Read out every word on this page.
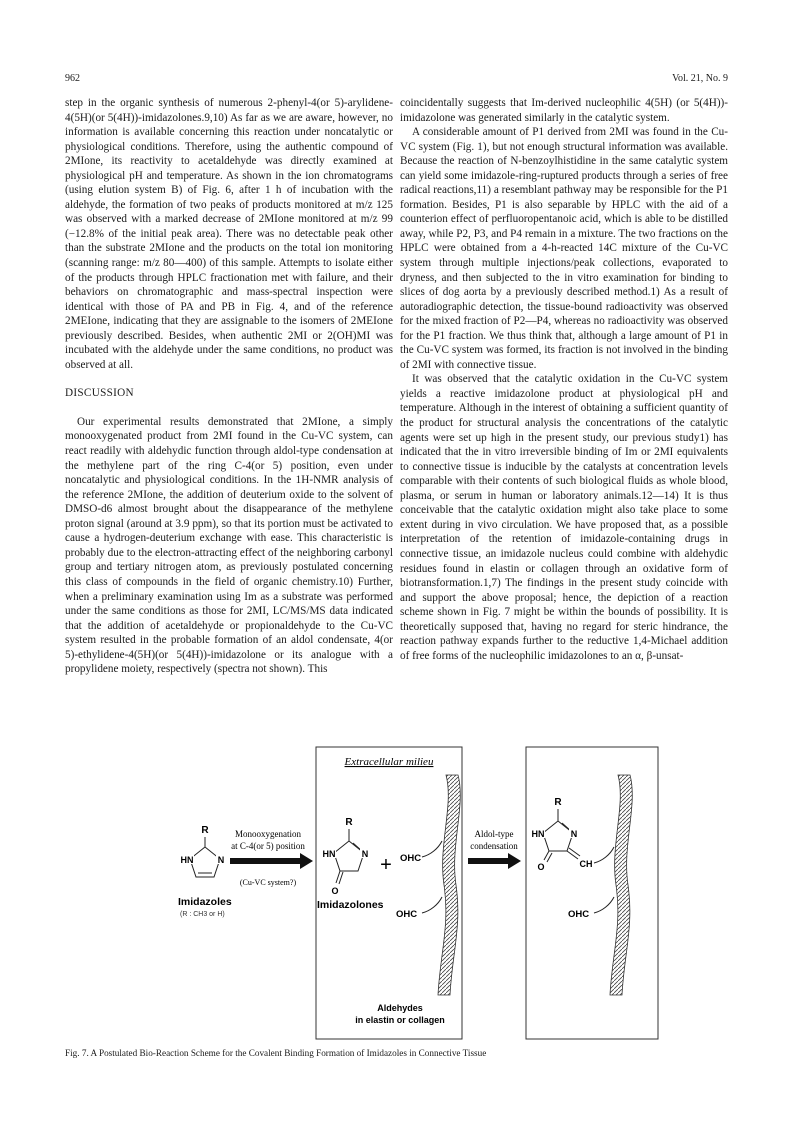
962	Vol. 21, No. 9

step in the organic synthesis of numerous 2-phenyl-4(or 5)-arylidene-4(5H)(or 5(4H))-imidazolones.9,10) As far as we are aware, however, no information is available concerning this reaction under noncatalytic or physiological conditions. Therefore, using the authentic compound of 2MIone, its reactivity to acetaldehyde was directly examined at physiological pH and temperature. As shown in the ion chromatograms (using elution system B) of Fig. 6, after 1 h of incubation with the aldehyde, the formation of two peaks of products monitored at m/z 125 was observed with a marked decrease of 2MIone monitored at m/z 99 (−12.8% of the initial peak area). There was no detectable peak other than the substrate 2MIone and the products on the total ion monitoring (scanning range: m/z 80—400) of this sample. Attempts to isolate either of the products through HPLC fractionation met with failure, and their behaviors on chromatographic and mass-spectral inspection were identical with those of PA and PB in Fig. 4, and of the reference 2MEIone, indicating that they are assignable to the isomers of 2MEIone previously described. Besides, when authentic 2MI or 2(OH)MI was incubated with the aldehyde under the same conditions, no product was observed at all.

DISCUSSION

Our experimental results demonstrated that 2MIone, a simply monooxygenated product from 2MI found in the Cu-VC system, can react readily with aldehydic function through aldol-type condensation at the methylene part of the ring C-4(or 5) position, even under noncatalytic and physiological conditions. In the 1H-NMR analysis of the reference 2MIone, the addition of deuterium oxide to the solvent of DMSO-d6 almost brought about the disappearance of the methylene proton signal (around at 3.9 ppm), so that its portion must be activated to cause a hydrogen-deuterium exchange with ease. This characteristic is probably due to the electron-attracting effect of the neighboring carbonyl group and tertiary nitrogen atom, as previously postulated concerning this class of compounds in the field of organic chemistry.10) Further, when a preliminary examination using Im as a substrate was performed under the same conditions as those for 2MI, LC/MS/MS data indicated that the addition of acetaldehyde or propionaldehyde to the Cu-VC system resulted in the probable formation of an aldol condensate, 4(or 5)-ethylidene-4(5H)(or 5(4H))-imidazolone or its analogue with a propylidene moiety, respectively (spectra not shown). This

coincidentally suggests that Im-derived nucleophilic 4(5H) (or 5(4H))-imidazolone was generated similarly in the catalytic system.

A considerable amount of P1 derived from 2MI was found in the Cu-VC system (Fig. 1), but not enough structural information was available. Because the reaction of N-benzoylhistidine in the same catalytic system can yield some imidazole-ring-ruptured products through a series of free radical reactions,11) a resemblant pathway may be responsible for the P1 formation. Besides, P1 is also separable by HPLC with the aid of a counterion effect of perfluoropentanoic acid, which is able to be distilled away, while P2, P3, and P4 remain in a mixture. The two fractions on the HPLC were obtained from a 4-h-reacted 14C mixture of the Cu-VC system through multiple injections/peak collections, evaporated to dryness, and then subjected to the in vitro examination for binding to slices of dog aorta by a previously described method.1) As a result of autoradiographic detection, the tissue-bound radioactivity was observed for the mixed fraction of P2—P4, whereas no radioactivity was observed for the P1 fraction. We thus think that, although a large amount of P1 in the Cu-VC system was formed, its fraction is not involved in the binding of 2MI with connective tissue.

It was observed that the catalytic oxidation in the Cu-VC system yields a reactive imidazolone product at physiological pH and temperature. Although in the interest of obtaining a sufficient quantity of the product for structural analysis the concentrations of the catalytic agents were set up high in the present study, our previous study1) has indicated that the in vitro irreversible binding of Im or 2MI equivalents to connective tissue is inducible by the catalysts at concentration levels comparable with their contents of such biological fluids as whole blood, plasma, or serum in human or laboratory animals.12—14) It is thus conceivable that the catalytic oxidation might also take place to some extent during in vivo circulation. We have proposed that, as a possible interpretation of the retention of imidazole-containing drugs in connective tissue, an imidazole nucleus could combine with aldehydic residues found in elastin or collagen through an oxidative form of biotransformation.1,7) The findings in the present study coincide with and support the above proposal; hence, the depiction of a reaction scheme shown in Fig. 7 might be within the bounds of possibility. It is theoretically supposed that, having no regard for steric hindrance, the reaction pathway expands further to the reductive 1,4-Michael addition of free forms of the nucleophilic imidazolones to an α, β-unsat-

Extracellular milieu
R
HN	N
Imidazoles
(R : CH3 or H)
Monooxygenation
at C-4(or 5) position
(Cu-VC system?)
R
HN	N
O
Imidazolones
+ OHC
OHC
Aldehydes
in elastin or collagen
Aldol-type
condensation
R
HN	N
O	CH
OHC
Fig. 7. A Postulated Bio-Reaction Scheme for the Covalent Binding Formation of Imidazoles in Connective Tissue
